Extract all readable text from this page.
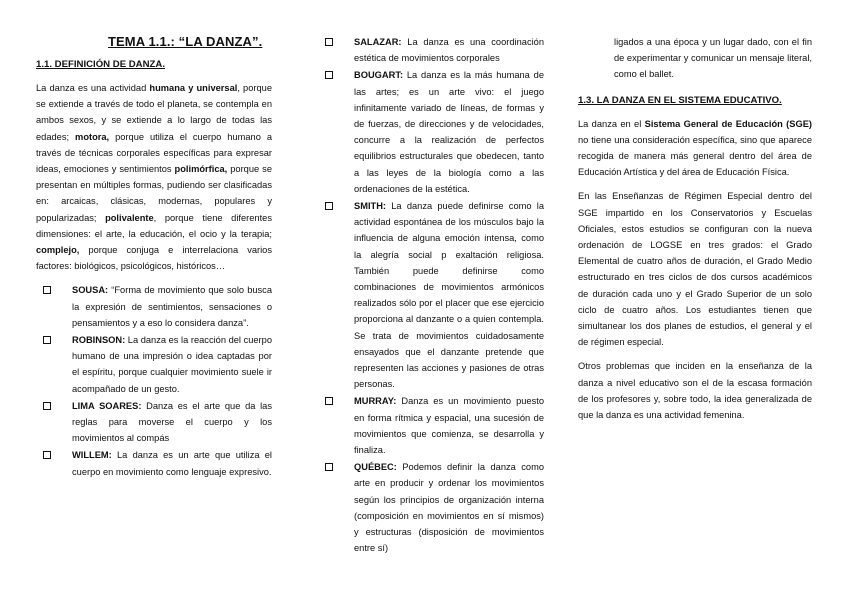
TEMA 1.1.: “LA DANZA”.
1.1. DEFINICIÓN DE DANZA.

La danza es una actividad humana y universal, porque se extiende a través de todo el planeta, se contempla en ambos sexos, y se extiende a lo largo de todas las edades; motora, porque utiliza el cuerpo humano a través de técnicas corporales específicas para expresar ideas, emociones y sentimientos polimórfica, porque se presentan en múltiples formas, pudiendo ser clasificadas en: arcaicas, clásicas, modernas, populares y popularizadas; polivalente, porque tiene diferentes dimensiones: el arte, la educación, el ocio y la terapia; complejo, porque conjuga e interrelaciona varios factores: biológicos, psicológicos, históricos…

SOUSA: “Forma de movimiento que solo busca la expresión de sentimientos, sensaciones o pensamientos y a eso lo considera danza”.
ROBINSON: La danza es la reacción del cuerpo humano de una impresión o idea captadas por el espíritu, porque cualquier movimiento suele ir acompañado de un gesto.
LIMA SOARES: Danza es el arte que da las reglas para moverse el cuerpo y los movimientos al compás
WILLEM: La danza es un arte que utiliza el cuerpo en movimiento como lenguaje expresivo.
SALAZAR: La danza es una coordinación estética de movimientos corporales
BOUGART: La danza es la más humana de las artes; es un arte vivo: el juego infinitamente variado de líneas, de formas y de fuerzas, de direcciones y de velocidades, concurre a la realización de perfectos equilibrios estructurales que obedecen, tanto a las leyes de la biología como a las ordenaciones de la estética.
SMITH: La danza puede definirse como la actividad espontánea de los músculos bajo la influencia de alguna emoción intensa, como la alegría social p exaltación religiosa. También puede definirse como combinaciones de movimientos armónicos realizados sólo por el placer que ese ejercicio proporciona al danzante o a quien contempla. Se trata de movimientos cuidadosamente ensayados que el danzante pretende que representen las acciones y pasiones de otras personas.
MURRAY: Danza es un movimiento puesto en forma rítmica y espacial, una sucesión de movimientos que comienza, se desarrolla y finaliza.
QUÉBEC: Podemos definir la danza como arte en producir y ordenar los movimientos según los principios de organización interna (composición en movimientos en sí mismos) y estructuras (disposición de movimientos entre sí)

ligados a una época y un lugar dado, con el fin de experimentar y comunicar un mensaje literal, como el ballet.

1.3. LA DANZA EN EL SISTEMA EDUCATIVO.

La danza en el Sistema General de Educación (SGE) no tiene una consideración específica, sino que aparece recogida de manera más general dentro del área de Educación Artística y del área de Educación Física.

En las Enseñanzas de Régimen Especial dentro del SGE impartido en los Conservatorios y Escuelas Oficiales, estos estudios se configuran con la nueva ordenación de LOGSE en tres grados: el Grado Elemental de cuatro años de duración, el Grado Medio estructurado en tres ciclos de dos cursos académicos de duración cada uno y el Grado Superior de un solo ciclo de cuatro años. Los estudiantes tienen que simultanear los dos planes de estudios, el general y el de régimen especial.

Otros problemas que inciden en la enseñanza de la danza a nivel educativo son el de la escasa formación de los profesores y, sobre todo, la idea generalizada de que la danza es una actividad femenina.
